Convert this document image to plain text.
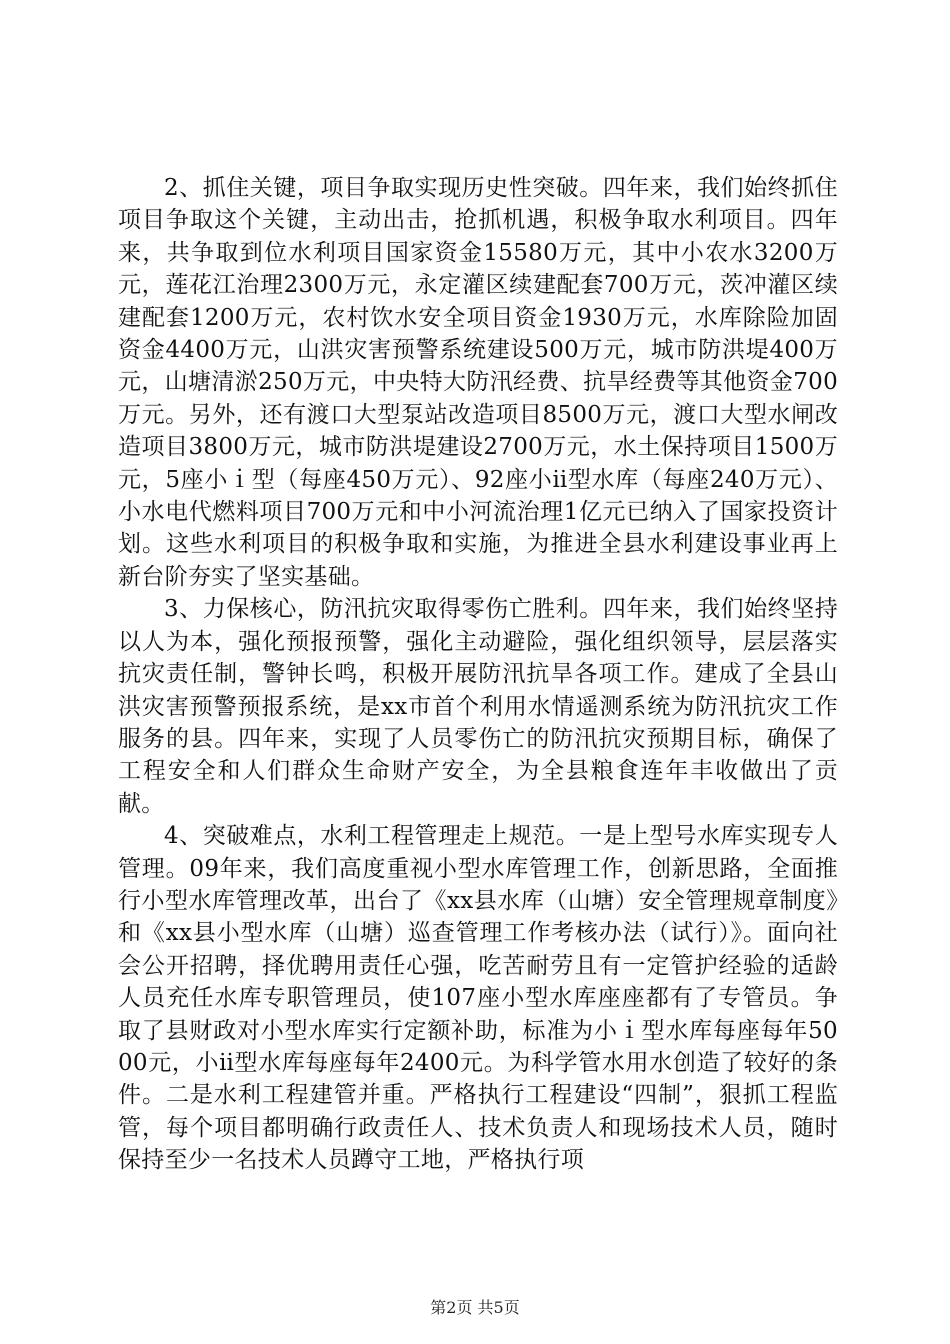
2、抓住关键，项目争取实现历史性突破。四年来，我们始终抓住项目争取这个关键，主动出击，抢抓机遇，积极争取水利项目。四年来，共争取到位水利项目国家资金15580万元，其中小农水3200万元，莲花江治理2300万元，永定灌区续建配套700万元，茨冲灌区续建配套1200万元，农村饮水安全项目资金1930万元，水库除险加固资金4400万元，山洪灾害预警系统建设500万元，城市防洪堤400万元，山塘清淤250万元，中央特大防汛经费、抗旱经费等其他资金700万元。另外，还有渡口大型泵站改造项目8500万元，渡口大型水闸改造项目3800万元，城市防洪堤建设2700万元，水土保持项目1500万元，5座小ｉ型（每座450万元）、92座小ⅱ型水库（每座240万元）、小水电代燃料项目700万元和中小河流治理1亿元已纳入了国家投资计划。这些水利项目的积极争取和实施，为推进全县水利建设事业再上新台阶夯实了坚实基础。

3、力保核心，防汛抗灾取得零伤亡胜利。四年来，我们始终坚持以人为本，强化预报预警，强化主动避险，强化组织领导，层层落实抗灾责任制，警钟长鸣，积极开展防汛抗旱各项工作。建成了全县山洪灾害预警预报系统，是xx市首个利用水情遥测系统为防汛抗灾工作服务的县。四年来，实现了人员零伤亡的防汛抗灾预期目标，确保了工程安全和人们群众生命财产安全，为全县粮食连年丰收做出了贡献。

4、突破难点，水利工程管理走上规范。一是上型号水库实现专人管理。09年来，我们高度重视小型水库管理工作，创新思路，全面推行小型水库管理改革，出台了《xx县水库（山塘）安全管理规章制度》和《xx县小型水库（山塘）巡查管理工作考核办法（试行）》。面向社会公开招聘，择优聘用责任心强，吃苦耐劳且有一定管护经验的适龄人员充任水库专职管理员，使107座小型水库座座都有了专管员。争取了县财政对小型水库实行定额补助，标准为小ｉ型水库每座每年5000元，小ⅱ型水库每座每年2400元。为科学管水用水创造了较好的条件。二是水利工程建管并重。严格执行工程建设“四制”，狠抓工程监管，每个项目都明确行政责任人、技术负责人和现场技术人员，随时保持至少一名技术人员蹲守工地，严格执行项

第2页 共5页
